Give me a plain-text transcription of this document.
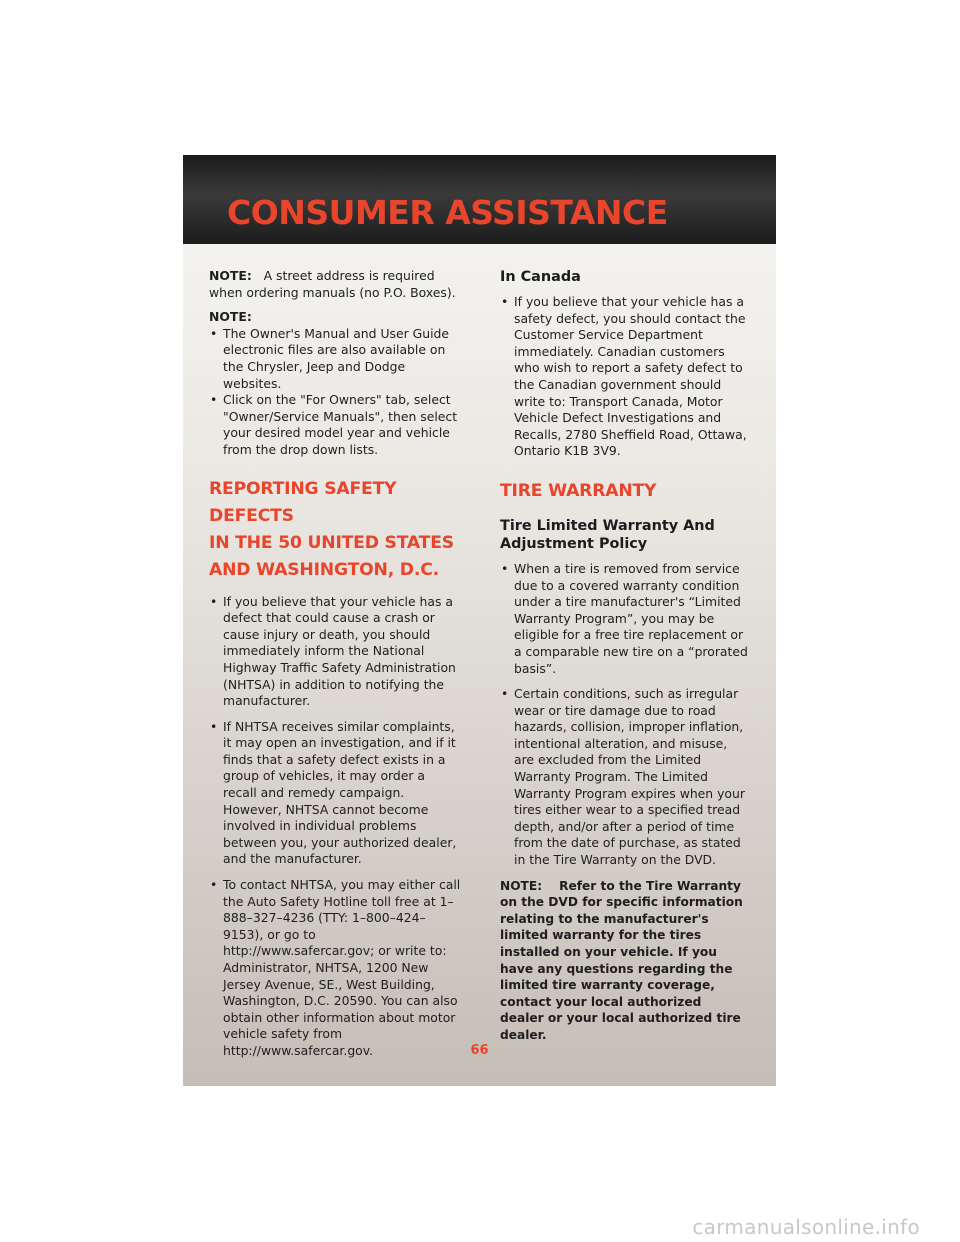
CONSUMER ASSISTANCE

NOTE: A street address is required when ordering manuals (no P.O. Boxes).

NOTE:

• The Owner's Manual and User Guide electronic files are also available on the Chrysler, Jeep and Dodge websites.
• Click on the "For Owners" tab, select "Owner/Service Manuals", then select your desired model year and vehicle from the drop down lists.
REPORTING SAFETY DEFECTS
IN THE 50 UNITED STATES
AND WASHINGTON, D.C.
• If you believe that your vehicle has a defect that could cause a crash or cause injury or death, you should immediately inform the National Highway Traffic Safety Administration (NHTSA) in addition to notifying the manufacturer.
• If NHTSA receives similar complaints, it may open an investigation, and if it finds that a safety defect exists in a group of vehicles, it may order a recall and remedy campaign. However, NHTSA cannot become involved in individual problems between you, your authorized dealer, and the manufacturer.
• To contact NHTSA, you may either call the Auto Safety Hotline toll free at 1–888–327–4236 (TTY: 1–800–424–9153), or go to http://www.safercar.gov; or write to: Administrator, NHTSA, 1200 New Jersey Avenue, SE., West Building, Washington, D.C. 20590. You can also obtain other information about motor vehicle safety from http://www.safercar.gov.
In Canada
• If you believe that your vehicle has a safety defect, you should contact the Customer Service Department immediately. Canadian customers who wish to report a safety defect to the Canadian government should write to: Transport Canada, Motor Vehicle Defect Investigations and Recalls, 2780 Sheffield Road, Ottawa, Ontario K1B 3V9.
TIRE WARRANTY
Tire Limited Warranty And Adjustment Policy
• When a tire is removed from service due to a covered warranty condition under a tire manufacturer's “Limited Warranty Program”, you may be eligible for a free tire replacement or a comparable new tire on a “prorated basis”.
• Certain conditions, such as irregular wear or tire damage due to road hazards, collision, improper inflation, intentional alteration, and misuse, are excluded from the Limited Warranty Program. The Limited Warranty Program expires when your tires either wear to a specified tread depth, and/or after a period of time from the date of purchase, as stated in the Tire Warranty on the DVD.

NOTE: Refer to the Tire Warranty on the DVD for specific information relating to the manufacturer's limited warranty for the tires installed on your vehicle. If you have any questions regarding the limited tire warranty coverage, contact your local authorized dealer or your local authorized tire dealer.

66
carmanualsonline.info
